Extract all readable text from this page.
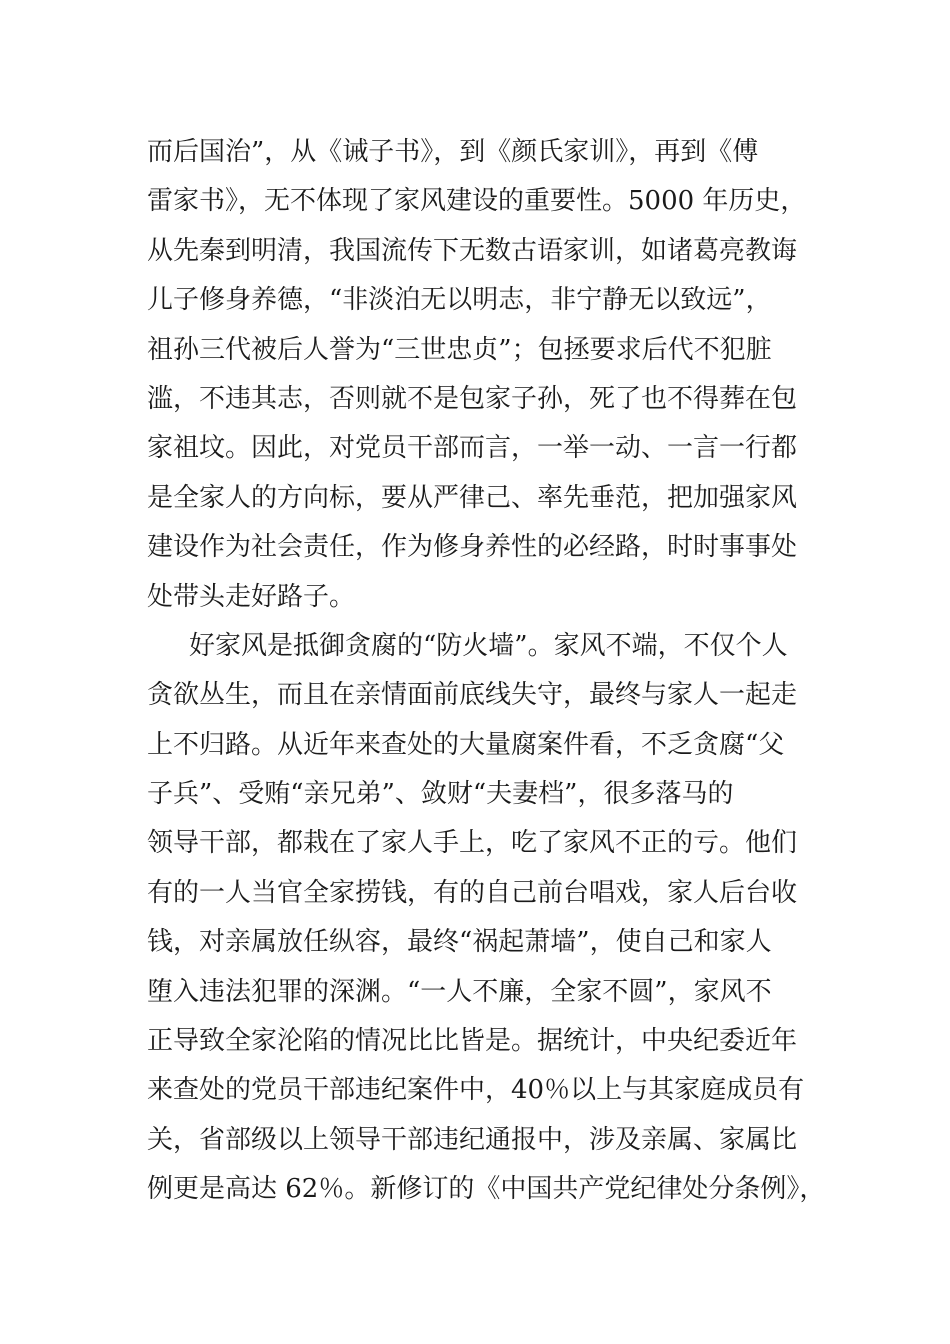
而后国治”，从《诫子书》，到《颜氏家训》，再到《傅
雷家书》，无不体现了家风建设的重要性。5000 年历史，
从先秦到明清，我国流传下无数古语家训，如诸葛亮教诲
儿子修身养德，“非淡泊无以明志，非宁静无以致远”，
祖孙三代被后人誉为“三世忠贞”；包拯要求后代不犯脏
滥，不违其志，否则就不是包家子孙，死了也不得葬在包
家祖坟。因此，对党员干部而言，一举一动、一言一行都
是全家人的方向标，要从严律己、率先垂范，把加强家风
建设作为社会责任，作为修身养性的必经路，时时事事处
处带头走好路子。
好家风是抵御贪腐的“防火墙”。家风不端，不仅个人
贪欲丛生，而且在亲情面前底线失守，最终与家人一起走
上不归路。从近年来查处的大量腐案件看，不乏贪腐“父
子兵”、受贿“亲兄弟”、敛财“夫妻档”，很多落马的
领导干部，都栽在了家人手上，吃了家风不正的亏。他们
有的一人当官全家捞钱，有的自己前台唱戏，家人后台收
钱，对亲属放任纵容，最终“祸起萧墙”，使自己和家人
堕入违法犯罪的深渊。“一人不廉，全家不圆”，家风不
正导致全家沦陷的情况比比皆是。据统计，中央纪委近年
来查处的党员干部违纪案件中，40％以上与其家庭成员有
关，省部级以上领导干部违纪通报中，涉及亲属、家属比
例更是高达 62％。新修订的《中国共产党纪律处分条例》，
